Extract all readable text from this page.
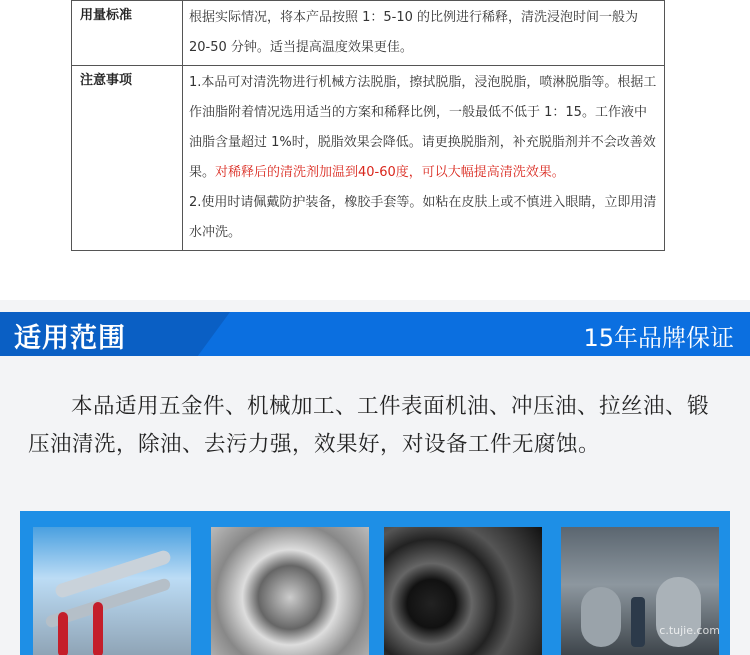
用量标准	根据实际情况，将本产品按照 1：5-10 的比例进行稀释，清洗浸泡时间一般为 20-50 分钟。适当提高温度效果更佳。
注意事项	1.本品可对清洗物进行机械方法脱脂，擦拭脱脂，浸泡脱脂，喷淋脱脂等。根据工作油脂附着情况选用适当的方案和稀释比例，一般最低不低于 1：15。工作液中油脂含量超过 1%时，脱脂效果会降低。请更换脱脂剂，补充脱脂剂并不会改善效果。对稀释后的清洗剂加温到40-60度，可以大幅提高清洗效果。
2.使用时请佩戴防护装备，橡胶手套等。如粘在皮肤上或不慎进入眼睛，立即用清水冲洗。
适用范围	15年品牌保证
本品适用五金件、机械加工、工件表面机油、冲压油、拉丝油、锻压油清洗，除油、去污力强，效果好，对设备工件无腐蚀。
c.tujie.com
